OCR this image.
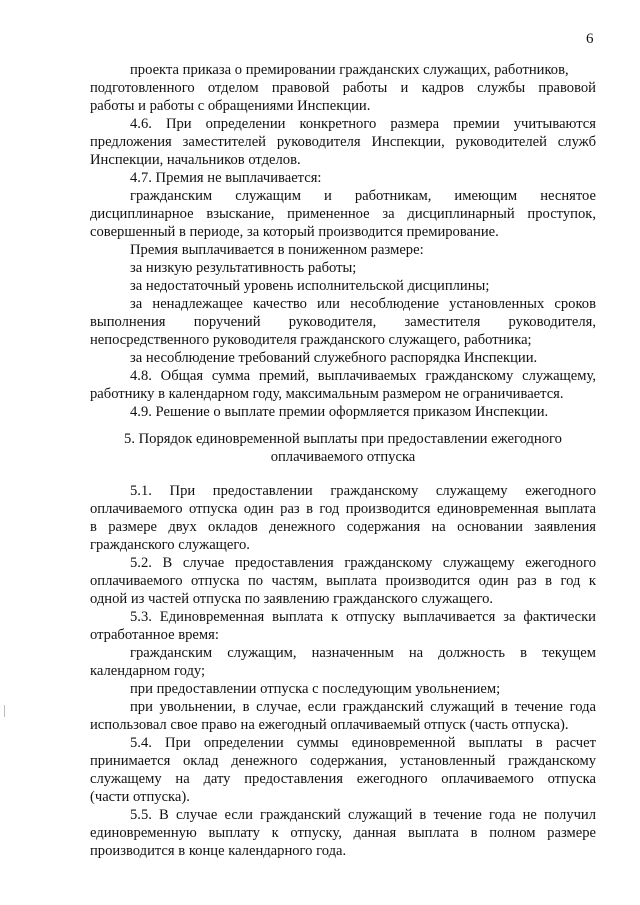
6
проекта приказа о премировании гражданских служащих, работников,
подготовленного отделом правовой работы и кадров службы правовой
работы и работы с обращениями Инспекции.
4.6. При определении конкретного размера премии учитываются
предложения заместителей руководителя Инспекции, руководителей служб
Инспекции, начальников отделов.
4.7. Премия не выплачивается:
гражданским служащим и работникам, имеющим неснятое
дисциплинарное взыскание, примененное за дисциплинарный проступок,
совершенный в периоде, за который производится премирование.
Премия выплачивается в пониженном размере:
за низкую результативность работы;
за недостаточный уровень исполнительской дисциплины;
за ненадлежащее качество или несоблюдение установленных сроков
выполнения поручений руководителя, заместителя руководителя,
непосредственного руководителя гражданского служащего, работника;
за несоблюдение требований служебного распорядка Инспекции.
4.8. Общая сумма премий, выплачиваемых гражданскому служащему,
работнику в календарном году, максимальным размером не ограничивается.
4.9. Решение о выплате премии оформляется приказом Инспекции.
5. Порядок единовременной выплаты при предоставлении ежегодного
оплачиваемого отпуска
5.1. При предоставлении гражданскому служащему ежегодного
оплачиваемого отпуска один раз в год производится единовременная выплата
в размере двух окладов денежного содержания на основании заявления
гражданского служащего.
5.2. В случае предоставления гражданскому служащему ежегодного
оплачиваемого отпуска по частям, выплата производится один раз в год к
одной из частей отпуска по заявлению гражданского служащего.
5.3. Единовременная выплата к отпуску выплачивается за фактически
отработанное время:
гражданским служащим, назначенным на должность в текущем
календарном году;
при предоставлении отпуска с последующим увольнением;
при увольнении, в случае, если гражданский служащий в течение года
использовал свое право на ежегодный оплачиваемый отпуск (часть отпуска).
5.4. При определении суммы единовременной выплаты в расчет
принимается оклад денежного содержания, установленный гражданскому
служащему на дату предоставления ежегодного оплачиваемого отпуска
(части отпуска).
5.5. В случае если гражданский служащий в течение года не получил
единовременную выплату к отпуску, данная выплата в полном размере
производится в конце календарного года.
